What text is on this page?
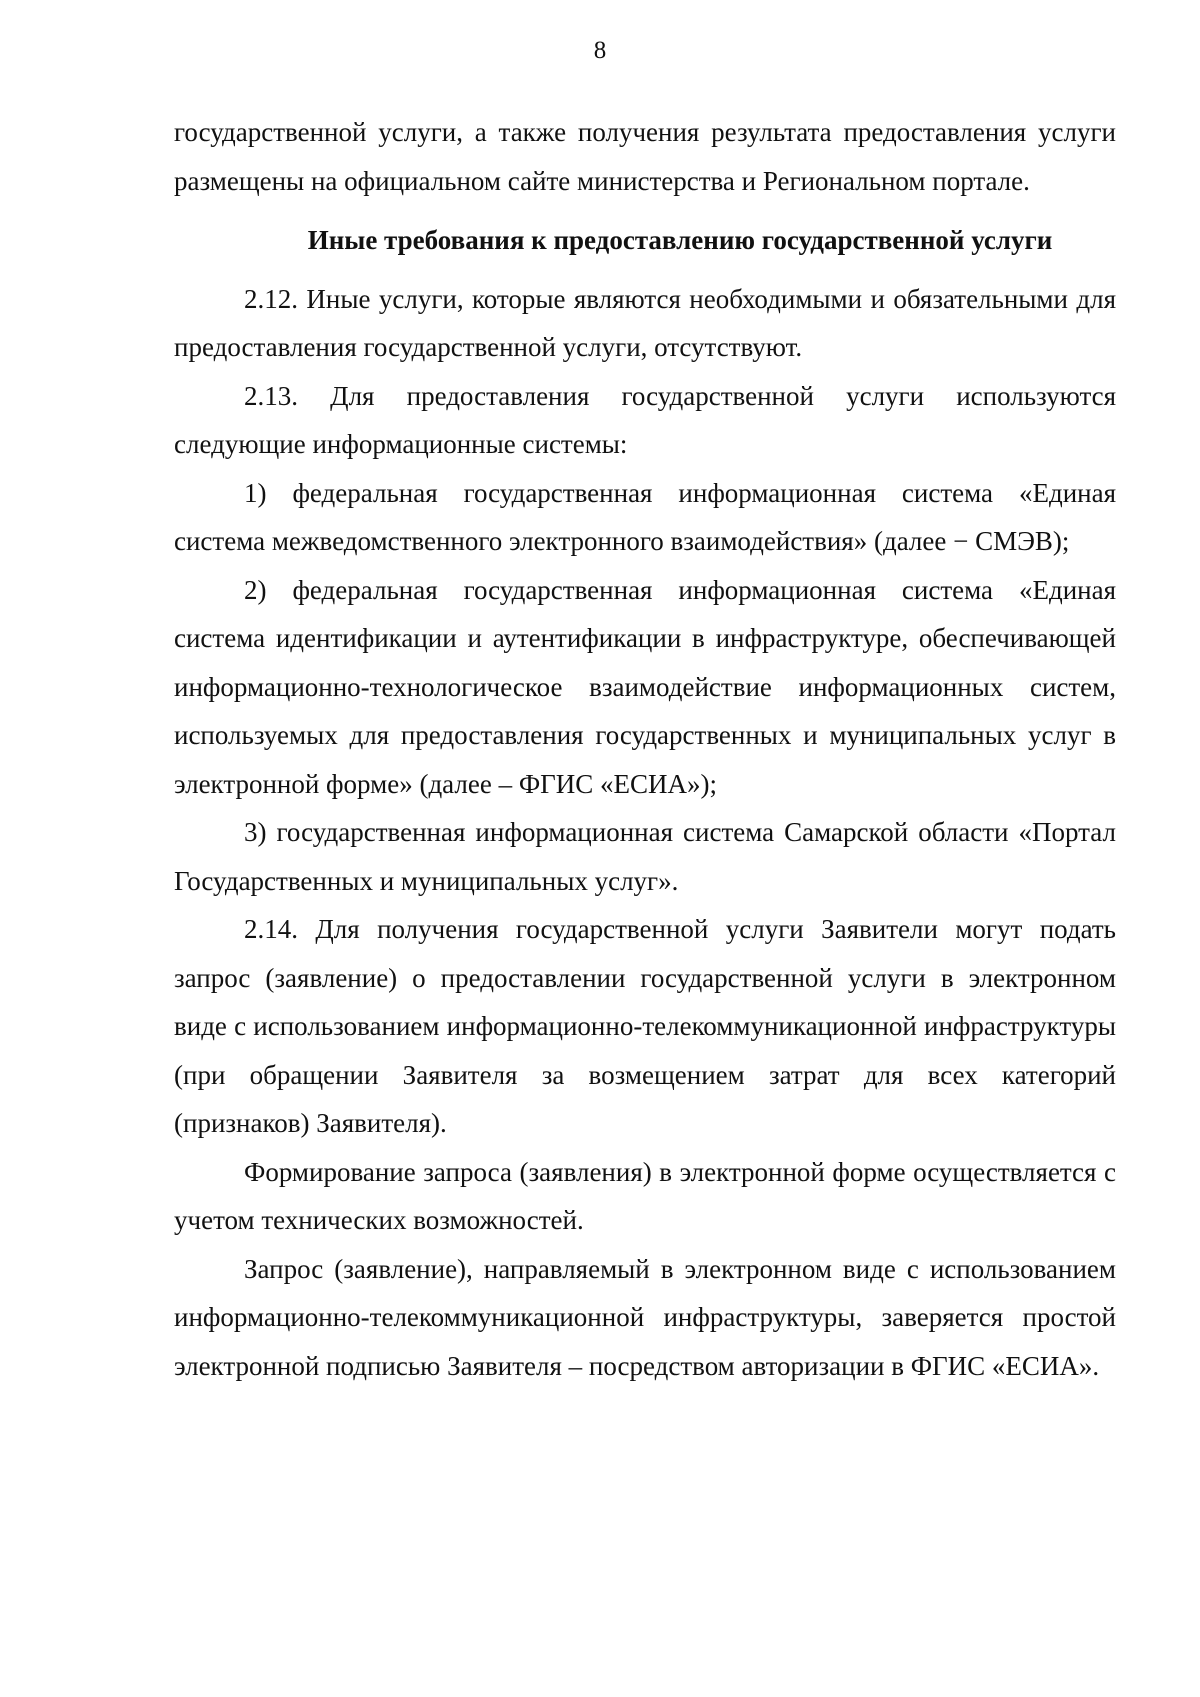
8

государственной услуги, а также получения результата предоставления услуги размещены на официальном сайте министерства и Региональном портале.

Иные требования к предоставлению государственной услуги

2.12. Иные услуги, которые являются необходимыми и обязательными для предоставления государственной услуги, отсутствуют.

2.13. Для предоставления государственной услуги используются следующие информационные системы:

1) федеральная государственная информационная система «Единая система межведомственного электронного взаимодействия» (далее − СМЭВ);

2) федеральная государственная информационная система «Единая система идентификации и аутентификации в инфраструктуре, обеспечивающей информационно-технологическое взаимодействие информационных систем, используемых для предоставления государственных и муниципальных услуг в электронной форме» (далее – ФГИС «ЕСИА»);

3) государственная информационная система Самарской области «Портал Государственных и муниципальных услуг».

2.14. Для получения государственной услуги Заявители могут подать запрос (заявление) о предоставлении государственной услуги в электронном виде с использованием информационно-телекоммуникационной инфраструктуры (при обращении Заявителя за возмещением затрат для всех категорий (признаков) Заявителя).

Формирование запроса (заявления) в электронной форме осуществляется с учетом технических возможностей.

Запрос (заявление), направляемый в электронном виде с использованием информационно-телекоммуникационной инфраструктуры, заверяется простой электронной подписью Заявителя – посредством авторизации в ФГИС «ЕСИА».
